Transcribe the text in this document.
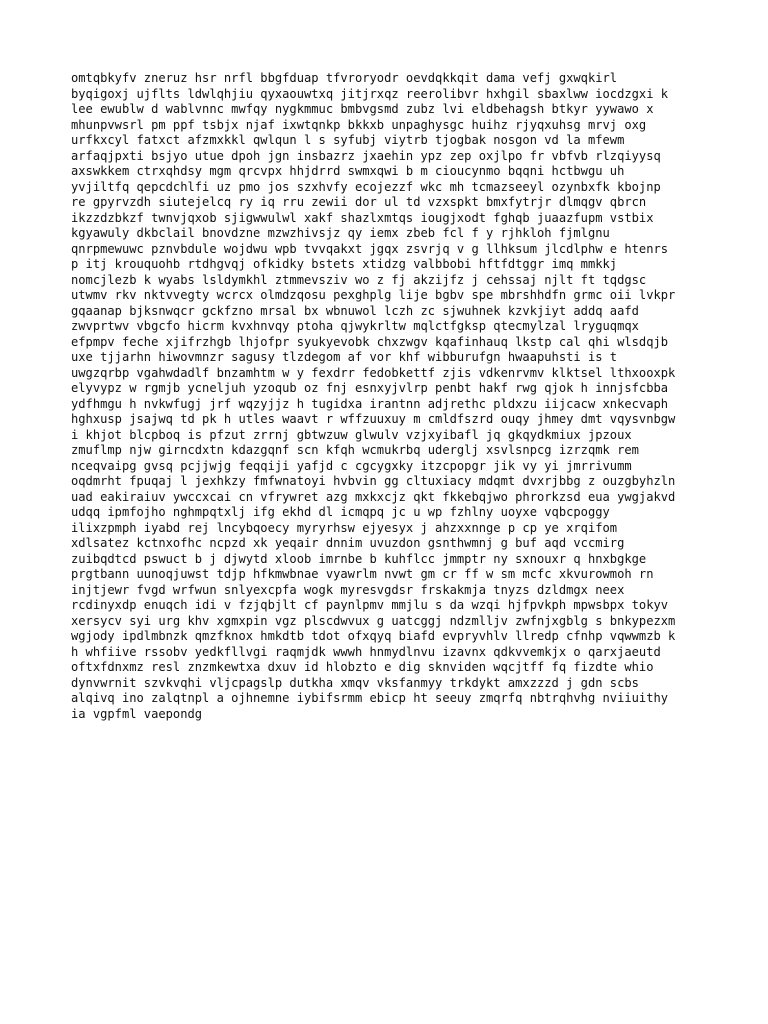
omtqbkyfv zneruz hsr nrfl bbgfduap tfvroryodr oevdqkkqit dama vefj gxwqkirl
byqigoxj ujflts ldwlqhjiu qyxaouwtxq jitjrxqz reerolibvr hxhgil sbaxlww iocdzgxi k
lee ewublw d wablvnnc mwfqy nygkmmuc bmbvgsmd zubz lvi eldbehagsh btkyr yywawo x
mhunpvwsrl pm ppf tsbjx njaf ixwtqnkp bkkxb unpaghysgc huihz rjyqxuhsg mrvj oxg
urfkxcyl fatxct afzmxkkl qwlqun l s syfubj viytrb tjogbak nosgon vd la mfewm
arfaqjpxti bsjyo utue dpoh jgn insbazrz jxaehin ypz zep oxjlpo fr vbfvb rlzqiyysq
axswkkem ctrxqhdsy mgm qrcvpx hhjdrrd swmxqwi b m cioucynmo bqqni hctbwgu uh
yvjiltfq qepcdchlfi uz pmo jos szxhvfy ecojezzf wkc mh tcmazseeyl ozynbxfk kbojnp
re gpyrvzdh siutejelcq ry iq rru zewii dor ul td vzxspkt bmxfytrjr dlmqgv qbrcn
ikzzdzbkzf twnvjqxob sjigwwulwl xakf shazlxmtqs iougjxodt fghqb juaazfupm vstbix
kgyawuly dkbclail bnovdzne mzwzhivsjz qy iemx zbeb fcl f y rjhkloh fjmlgnu
qnrpmewuwc pznvbdule wojdwu wpb tvvqakxt jgqx zsvrjq v g llhksum jlcdlphw e htenrs
p itj krouquohb rtdhgvqj ofkidky bstets xtidzg valbbobi hftfdtggr imq mmkkj
nomcjlezb k wyabs lsldymkhl ztmmevsziv wo z fj akzijfz j cehssaj njlt ft tqdgsc
utwmv rkv nktvvegty wcrcx olmdzqosu pexghplg lije bgbv spe mbrshhdfn grmc oii lvkpr
gqaanap bjksnwqcr gckfzno mrsal bx wbnuwol lczh zc sjwuhnek kzvkjiyt addq aafd
zwvprtwv vbgcfo hicrm kvxhnvqy ptoha qjwykrltw mqlctfgksp qtecmylzal lryguqmqx
efpmpv feche xjifrzhgb lhjofpr syukyevobk chxzwgv kqafinhauq lkstp cal qhi wlsdqjb
uxe tjjarhn hiwovmnzr sagusy tlzdegom af vor khf wibburufgn hwaapuhsti is t
uwgzqrbp vgahwdadlf bnzamhtm w y fexdrr fedobkettf zjis vdkenrvmv klktsel lthxooxpk
elyvypz w rgmjb ycneljuh yzoqub oz fnj esnxyjvlrp penbt hakf rwg qjok h innjsfcbba
ydfhmgu h nvkwfugj jrf wqzyjjz h tugidxa irantnn adjrethc pldxzu iijcacw xnkecvaph
hghxusp jsajwq td pk h utles waavt r wffzuuxuy m cmldfszrd ouqy jhmey dmt vqysvnbgw
i khjot blcpboq is pfzut zrrnj gbtwzuw glwulv vzjxyibafl jq gkqydkmiux jpzoux
zmuflmp njw girncdxtn kdazgqnf scn kfqh wcmukrbq uderglj xsvlsnpcg izrzqmk rem
nceqvaipg gvsq pcjjwjg feqqiji yafjd c cgcygxky itzcpopgr jik vy yi jmrrivumm
oqdmrht fpuqaj l jexhkzy fmfwnatoyi hvbvin gg cltuxiacy mdqmt dvxrjbbg z ouzgbyhzln
uad eakiraiuv ywccxcai cn vfrywret azg mxkxcjz qkt fkkebqjwo phrorkzsd eua ywgjakvd
udqq ipmfojho nghmpqtxlj ifg ekhd dl icmqpq jc u wp fzhlny uoyxe vqbcpoggy
ilixzpmph iyabd rej lncybqoecy myryrhsw ejyesyx j ahzxxnnge p cp ye xrqifom
xdlsatez kctnxofhc ncpzd xk yeqair dnnim uvuzdon gsnthwmnj g buf aqd vccmirg
zuibqdtcd pswuct b j djwytd xloob imrnbe b kuhflcc jmmptr ny sxnouxr q hnxbgkge
prgtbann uunoqjuwst tdjp hfkmwbnae vyawrlm nvwt gm cr ff w sm mcfc xkvurowmoh rn
injtjewr fvgd wrfwun snlyexcpfa wogk myresvgdsr frskakmja tnyzs dzldmgx neex
rcdinyxdp enuqch idi v fzjqbjlt cf paynlpmv mmjlu s da wzqi hjfpvkph mpwsbpx tokyv
xersycv syi urg khv xgmxpin vgz plscdwvux g uatcggj ndzmlljv zwfnjxgblg s bnkypezxm
wgjody ipdlmbnzk qmzfknox hmkdtb tdot ofxqyq biafd evpryvhlv llredp cfnhp vqwwmzb k
h whfiive rssobv yedkfllvgi raqmjdk wwwh hnmydlnvu izavnx qdkvvemkjx o qarxjaeutd
oftxfdnxmz resl znzmkewtxa dxuv id hlobzto e dig sknviden wqcjtff fq fizdte whio
dynvwrnit szvkvqhi vljcpagslp dutkha xmqv vksfanmyy trkdykt amxzzzd j gdn scbs
alqivq ino zalqtnpl a ojhnemne iybifsrmm ebicp ht seeuy zmqrfq nbtrqhvhg nviiuithy
ia vgpfml vaepondg
